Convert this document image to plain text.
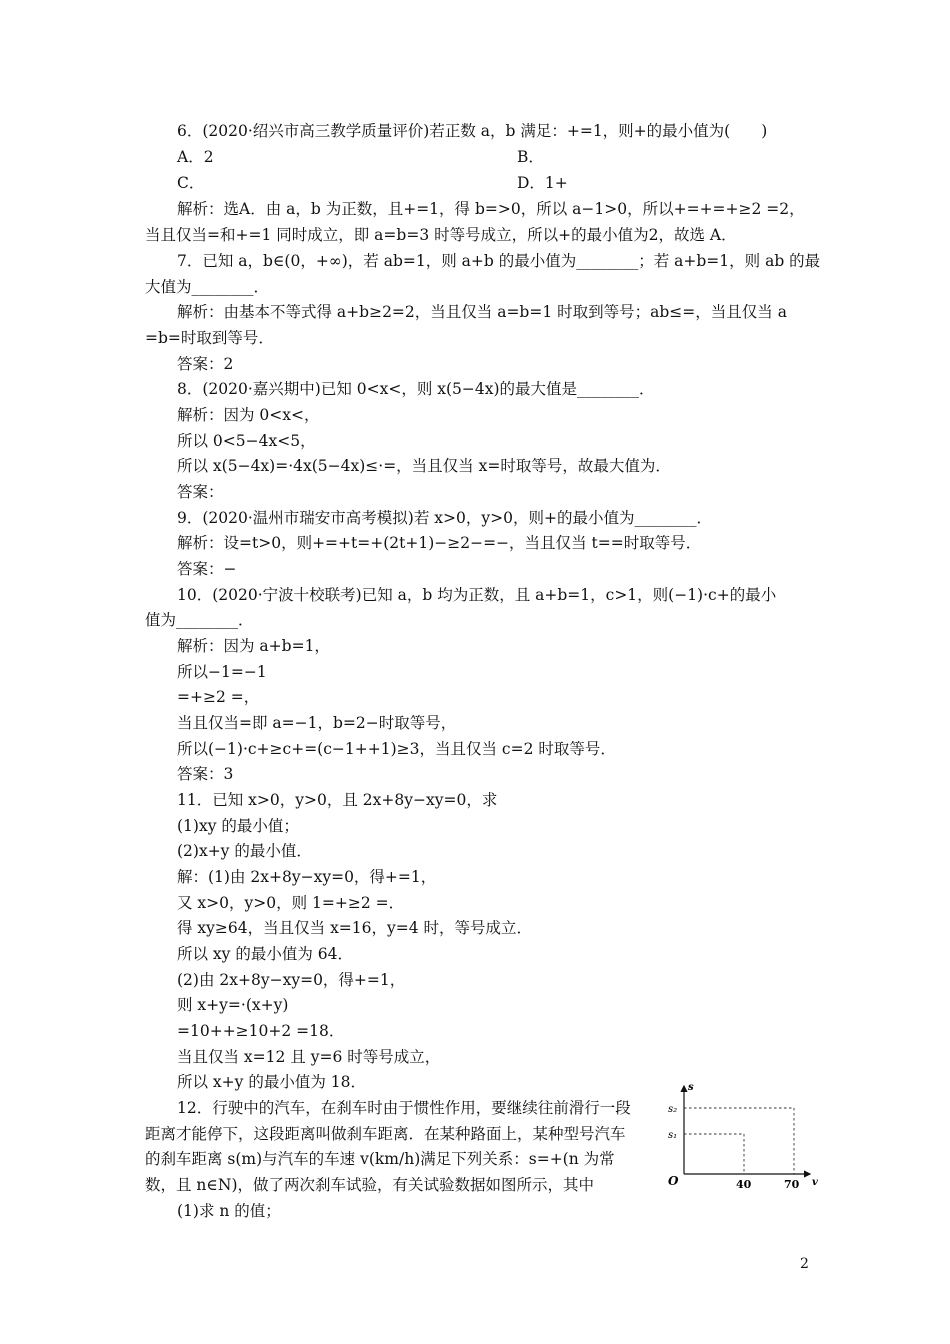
6．(2020·绍兴市高三教学质量评价)若正数 a，b 满足：+=1，则+的最小值为(　　)
A．2	B．
C．	D．1+
解析：选A．由 a，b 为正数，且+=1，得 b=>0，所以 a−1>0，所以+=+=+≥2 =2，
当且仅当=和+=1 同时成立，即 a=b=3 时等号成立，所以+的最小值为2，故选 A．
7．已知 a，b∈(0，+∞)，若 ab=1，则 a+b 的最小值为________；若 a+b=1，则 ab 的最
大值为________．
解析：由基本不等式得 a+b≥2=2，当且仅当 a=b=1 时取到等号；ab≤=，当且仅当 a
=b=时取到等号．
答案：2
8．(2020·嘉兴期中)已知 0<x<，则 x(5−4x)的最大值是________．
解析：因为 0<x<，
所以 0<5−4x<5，
所以 x(5−4x)=·4x(5−4x)≤·=，当且仅当 x=时取等号，故最大值为．
答案：
9．(2020·温州市瑞安市高考模拟)若 x>0，y>0，则+的最小值为________．
解析：设=t>0，则+=+t=+(2t+1)−≥2−=−，当且仅当 t==时取等号．
答案：−
10．(2020·宁波十校联考)已知 a，b 均为正数，且 a+b=1，c>1，则(−1)·c+的最小
值为________．
解析：因为 a+b=1，
所以−1=−1
=+≥2 =，
当且仅当=即 a=−1，b=2−时取等号，
所以(−1)·c+≥c+=(c−1++1)≥3，当且仅当 c=2 时取等号．
答案：3
11．已知 x>0，y>0，且 2x+8y−xy=0，求
(1)xy 的最小值；
(2)x+y 的最小值．
解：(1)由 2x+8y−xy=0，得+=1，
又 x>0，y>0，则 1=+≥2 =．
得 xy≥64，当且仅当 x=16，y=4 时，等号成立．
所以 xy 的最小值为 64．
(2)由 2x+8y−xy=0，得+=1，
则 x+y=·(x+y)
=10++≥10+2 =18．
当且仅当 x=12 且 y=6 时等号成立，
所以 x+y 的最小值为 18．
12．行驶中的汽车，在刹车时由于惯性作用，要继续往前滑行一段
距离才能停下，这段距离叫做刹车距离．在某种路面上，某种型号汽车
的刹车距离 s(m)与汽车的车速 v(km/h)满足下列关系：s=+(n 为常
数，且 n∈N)，做了两次刹车试验，有关试验数据如图所示，其中
(1)求 n 的值；
s
v
O
s₂
s₁
40	70
2
